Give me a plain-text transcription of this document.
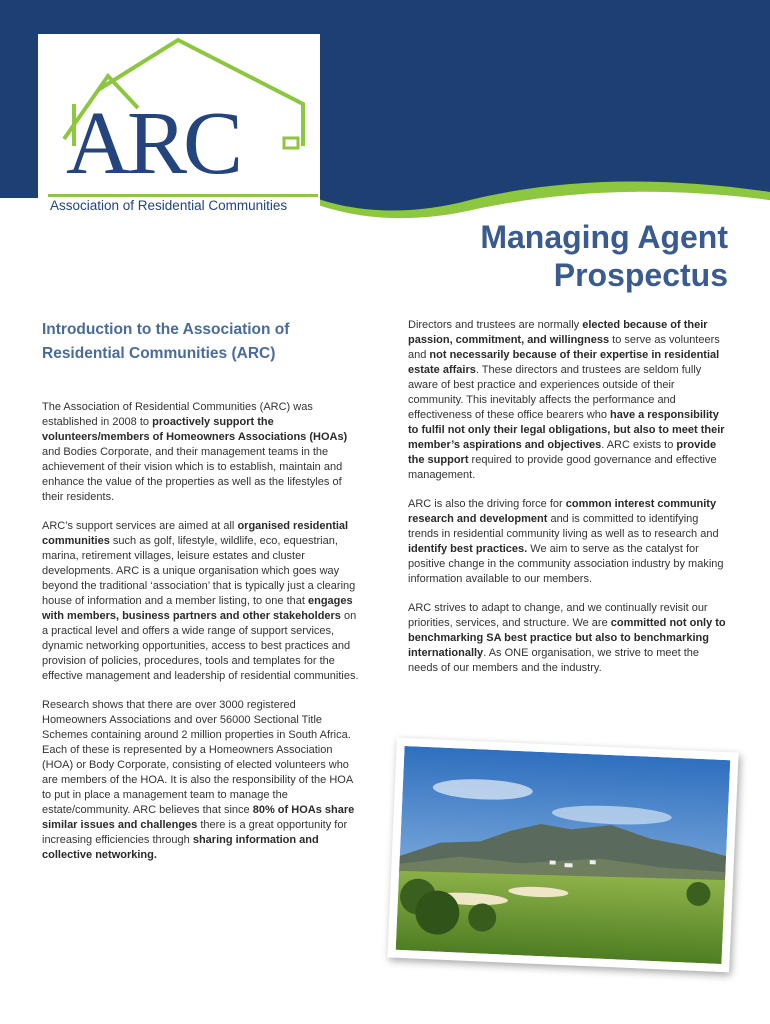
ARC
Association of Residential Communities
Managing Agent
Prospectus
Introduction to the Association of Residential Communities (ARC)

The Association of Residential Communities (ARC) was established in 2008 to proactively support the volunteers/members of Homeowners Associations (HOAs) and Bodies Corporate, and their management teams in the achievement of their vision which is to establish, maintain and enhance the value of the properties as well as the lifestyles of their residents.

ARC’s support services are aimed at all organised residential communities such as golf, lifestyle, wildlife, eco, equestrian, marina, retirement villages, leisure estates and cluster developments. ARC is a unique organisation which goes way beyond the traditional ‘association’ that is typically just a clearing house of information and a member listing, to one that engages with members, business partners and other stakeholders on a practical level and offers a wide range of support services, dynamic networking opportunities, access to best practices and provision of policies, procedures, tools and templates for the effective management and leadership of residential communities.

Research shows that there are over 3000 registered Homeowners Associations and over 56000 Sectional Title Schemes containing around 2 million properties in South Africa. Each of these is represented by a Homeowners Association (HOA) or Body Corporate, consisting of elected volunteers who are members of the HOA. It is also the responsibility of the HOA to put in place a management team to manage the estate/community. ARC believes that since 80% of HOAs share similar issues and challenges there is a great opportunity for increasing efficiencies through sharing information and collective networking.

Directors and trustees are normally elected because of their passion, commitment, and willingness to serve as volunteers and not necessarily because of their expertise in residential estate affairs. These directors and trustees are seldom fully aware of best practice and experiences outside of their community. This inevitably affects the performance and effectiveness of these office bearers who have a responsibility to fulfil not only their legal obligations, but also to meet their member’s aspirations and objectives. ARC exists to provide the support required to provide good governance and effective management.

ARC is also the driving force for common interest community research and development and is committed to identifying trends in residential community living as well as to research and identify best practices. We aim to serve as the catalyst for positive change in the community association industry by making information available to our members.

ARC strives to adapt to change, and we continually revisit our priorities, services, and structure. We are committed not only to benchmarking SA best practice but also to benchmarking internationally. As ONE organisation, we strive to meet the needs of our members and the industry.
